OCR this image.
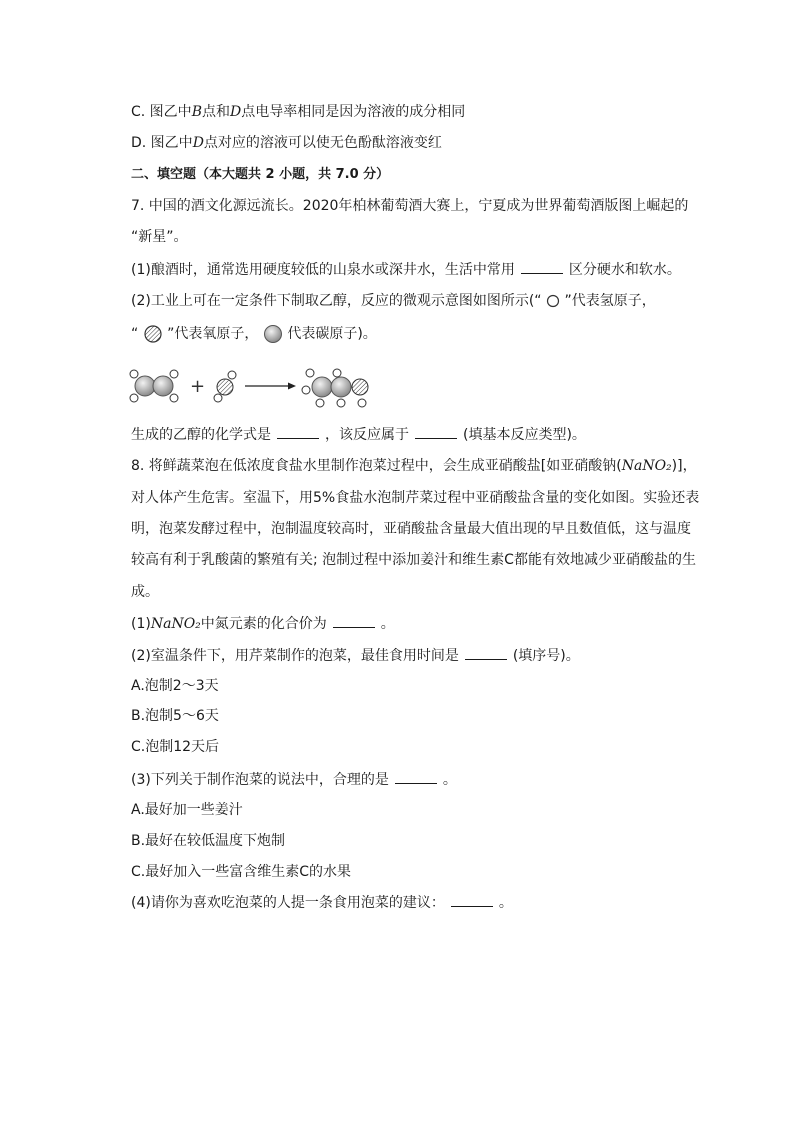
C. 图乙中B点和D点电导率相同是因为溶液的成分相同
D. 图乙中D点对应的溶液可以使无色酚酞溶液变红
二、填空题（本大题共 2 小题，共 7.0 分）
7. 中国的酒文化源远流长。2020年柏林葡萄酒大赛上，宁夏成为世界葡萄酒版图上崛起的
“新星”。
(1)酿酒时，通常选用硬度较低的山泉水或深井水，生活中常用	区分硬水和软水。
(2)工业上可在一定条件下制取乙醇，反应的微观示意图如图所示(“ ”代表氢原子，
“ ”代表氧原子， 代表碳原子)。
+
生成的乙醇的化学式是	，该反应属于	(填基本反应类型)。
8. 将鲜蔬菜泡在低浓度食盐水里制作泡菜过程中，会生成亚硝酸盐[如亚硝酸钠(NaNO₂)]，
对人体产生危害。室温下，用5%食盐水泡制芹菜过程中亚硝酸盐含量的变化如图。实验还表
明，泡菜发酵过程中，泡制温度较高时，亚硝酸盐含量最大值出现的早且数值低，这与温度
较高有利于乳酸菌的繁殖有关; 泡制过程中添加姜汁和维生素C都能有效地减少亚硝酸盐的生
成。
(1)NaNO₂中氮元素的化合价为	。
(2)室温条件下，用芹菜制作的泡菜，最佳食用时间是	(填序号)。
A.泡制2～3天
B.泡制5～6天
C.泡制12天后
(3)下列关于制作泡菜的说法中，合理的是	。
A.最好加一些姜汁
B.最好在较低温度下炮制
C.最好加入一些富含维生素C的水果
(4)请你为喜欢吃泡菜的人提一条食用泡菜的建议：	。
